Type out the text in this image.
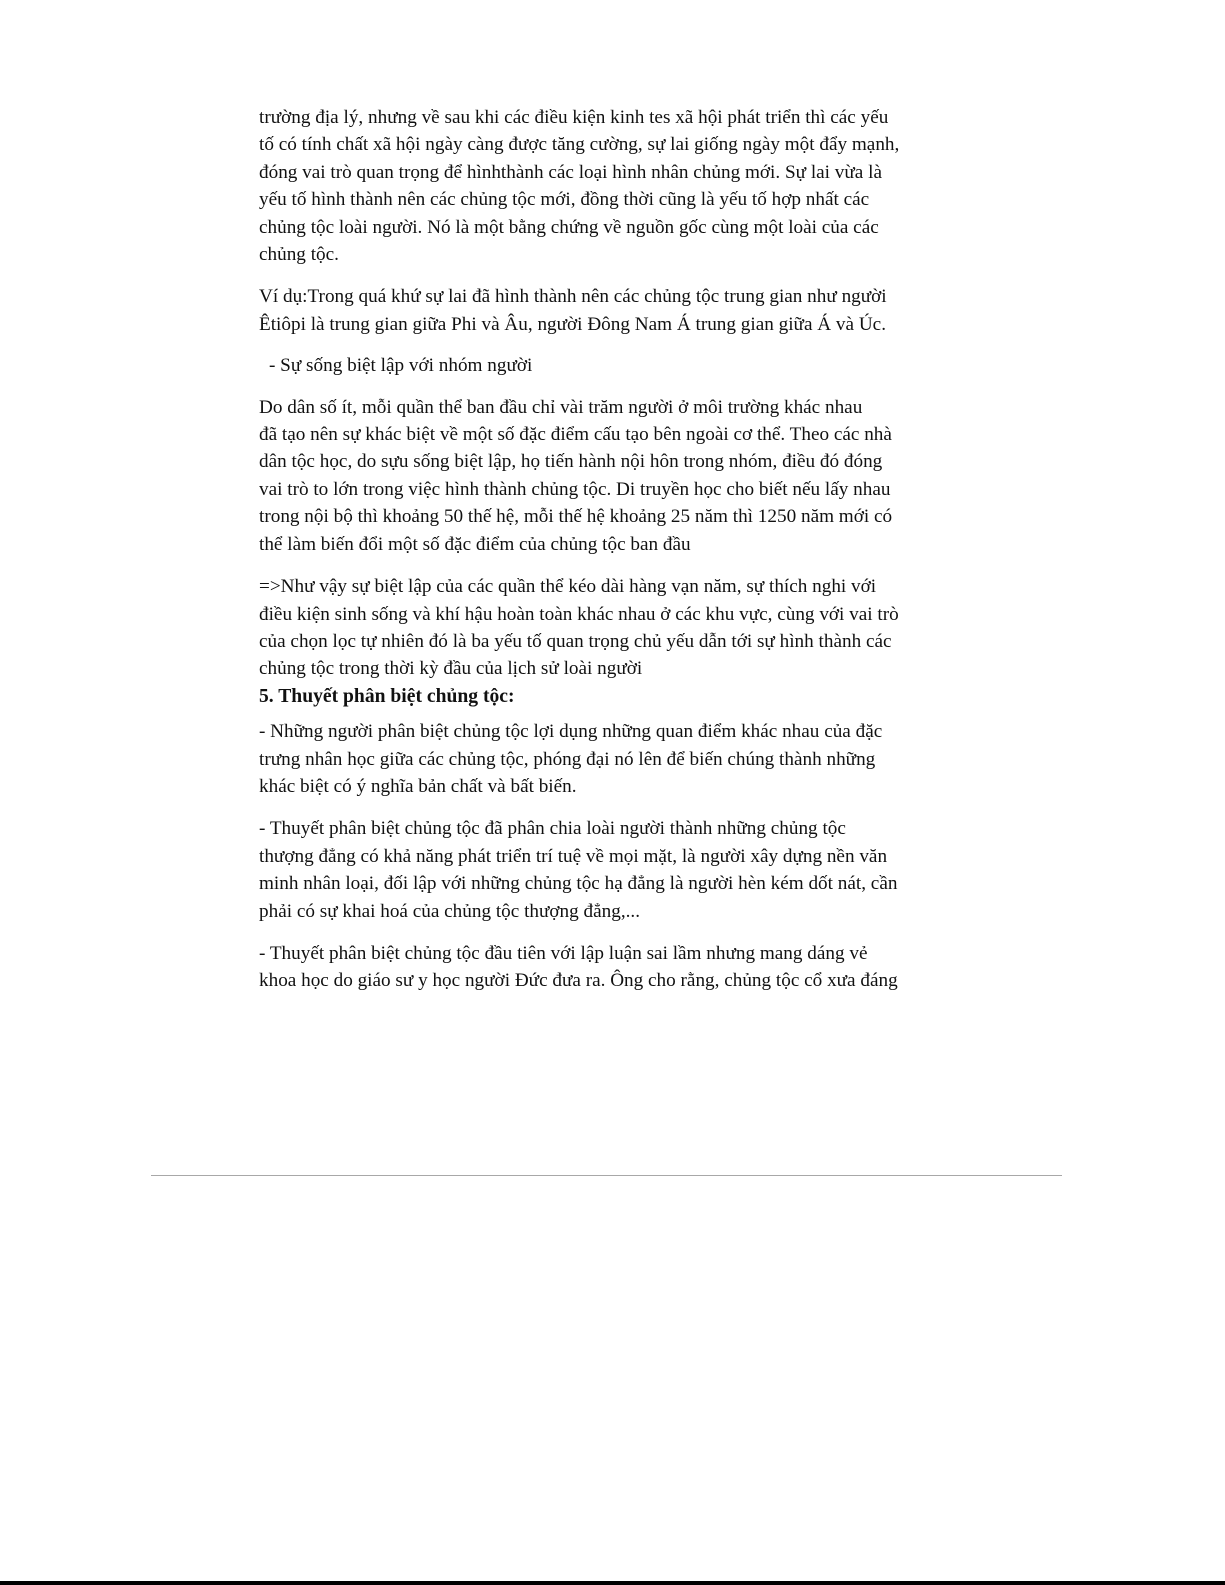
trường địa lý, nhưng về sau khi các điều kiện kinh tes xã hội phát triển thì các yếu
tố có tính chất xã hội ngày càng được tăng cường, sự lai giống ngày một đẩy mạnh,
đóng vai trò quan trọng để hìnhthành các loại hình nhân chủng mới. Sự lai vừa là
yếu tố hình thành nên các chủng tộc mới, đồng thời cũng là yếu tố hợp nhất các
chủng tộc loài người. Nó là một bằng chứng về nguồn gốc cùng một loài của các
chủng tộc.

Ví dụ:Trong quá khứ sự lai đã hình thành nên các chủng tộc trung gian như người
Êtiôpi là trung gian giữa Phi và Âu, người Đông Nam Á trung gian giữa Á và Úc.

- Sự sống biệt lập với nhóm người

Do dân số ít, mỗi quần thể ban đầu chỉ vài trăm người ở môi trường khác nhau
đã tạo nên sự khác biệt về một số đặc điểm cấu tạo bên ngoài cơ thể. Theo các nhà
dân tộc học, do sựu sống biệt lập, họ tiến hành nội hôn trong nhóm, điều đó đóng
vai trò to lớn trong việc hình thành chủng tộc. Di truyền học cho biết nếu lấy nhau
trong nội bộ thì khoảng 50 thế hệ, mỗi thế hệ khoảng 25 năm thì 1250 năm mới có
thể làm biến đổi một số đặc điểm của chủng tộc ban đầu

=>Như vậy sự biệt lập của các quần thể kéo dài hàng vạn năm, sự thích nghi với
điều kiện sinh sống và khí hậu hoàn toàn khác nhau ở các khu vực, cùng với vai trò
của chọn lọc tự nhiên đó là ba yếu tố quan trọng chủ yếu dẫn tới sự hình thành các
chủng tộc trong thời kỳ đầu của lịch sử loài người

5. Thuyết phân biệt chủng tộc:

- Những người phân biệt chủng tộc lợi dụng những quan điểm khác nhau của đặc
trưng nhân học giữa các chủng tộc, phóng đại nó lên để biến chúng thành những
khác biệt có ý nghĩa bản chất và bất biến.

- Thuyết phân biệt chủng tộc đã phân chia loài người thành những chủng tộc
thượng đẳng có khả năng phát triển trí tuệ về mọi mặt, là người xây dựng nền văn
minh nhân loại, đối lập với những chủng tộc hạ đẳng là người hèn kém dốt nát, cần
phải có sự khai hoá của chủng tộc thượng đẳng,...

- Thuyết phân biệt chủng tộc đầu tiên với lập luận sai lầm nhưng mang dáng vẻ
khoa học do giáo sư y học người Đức đưa ra. Ông cho rằng, chủng tộc cổ xưa đáng
